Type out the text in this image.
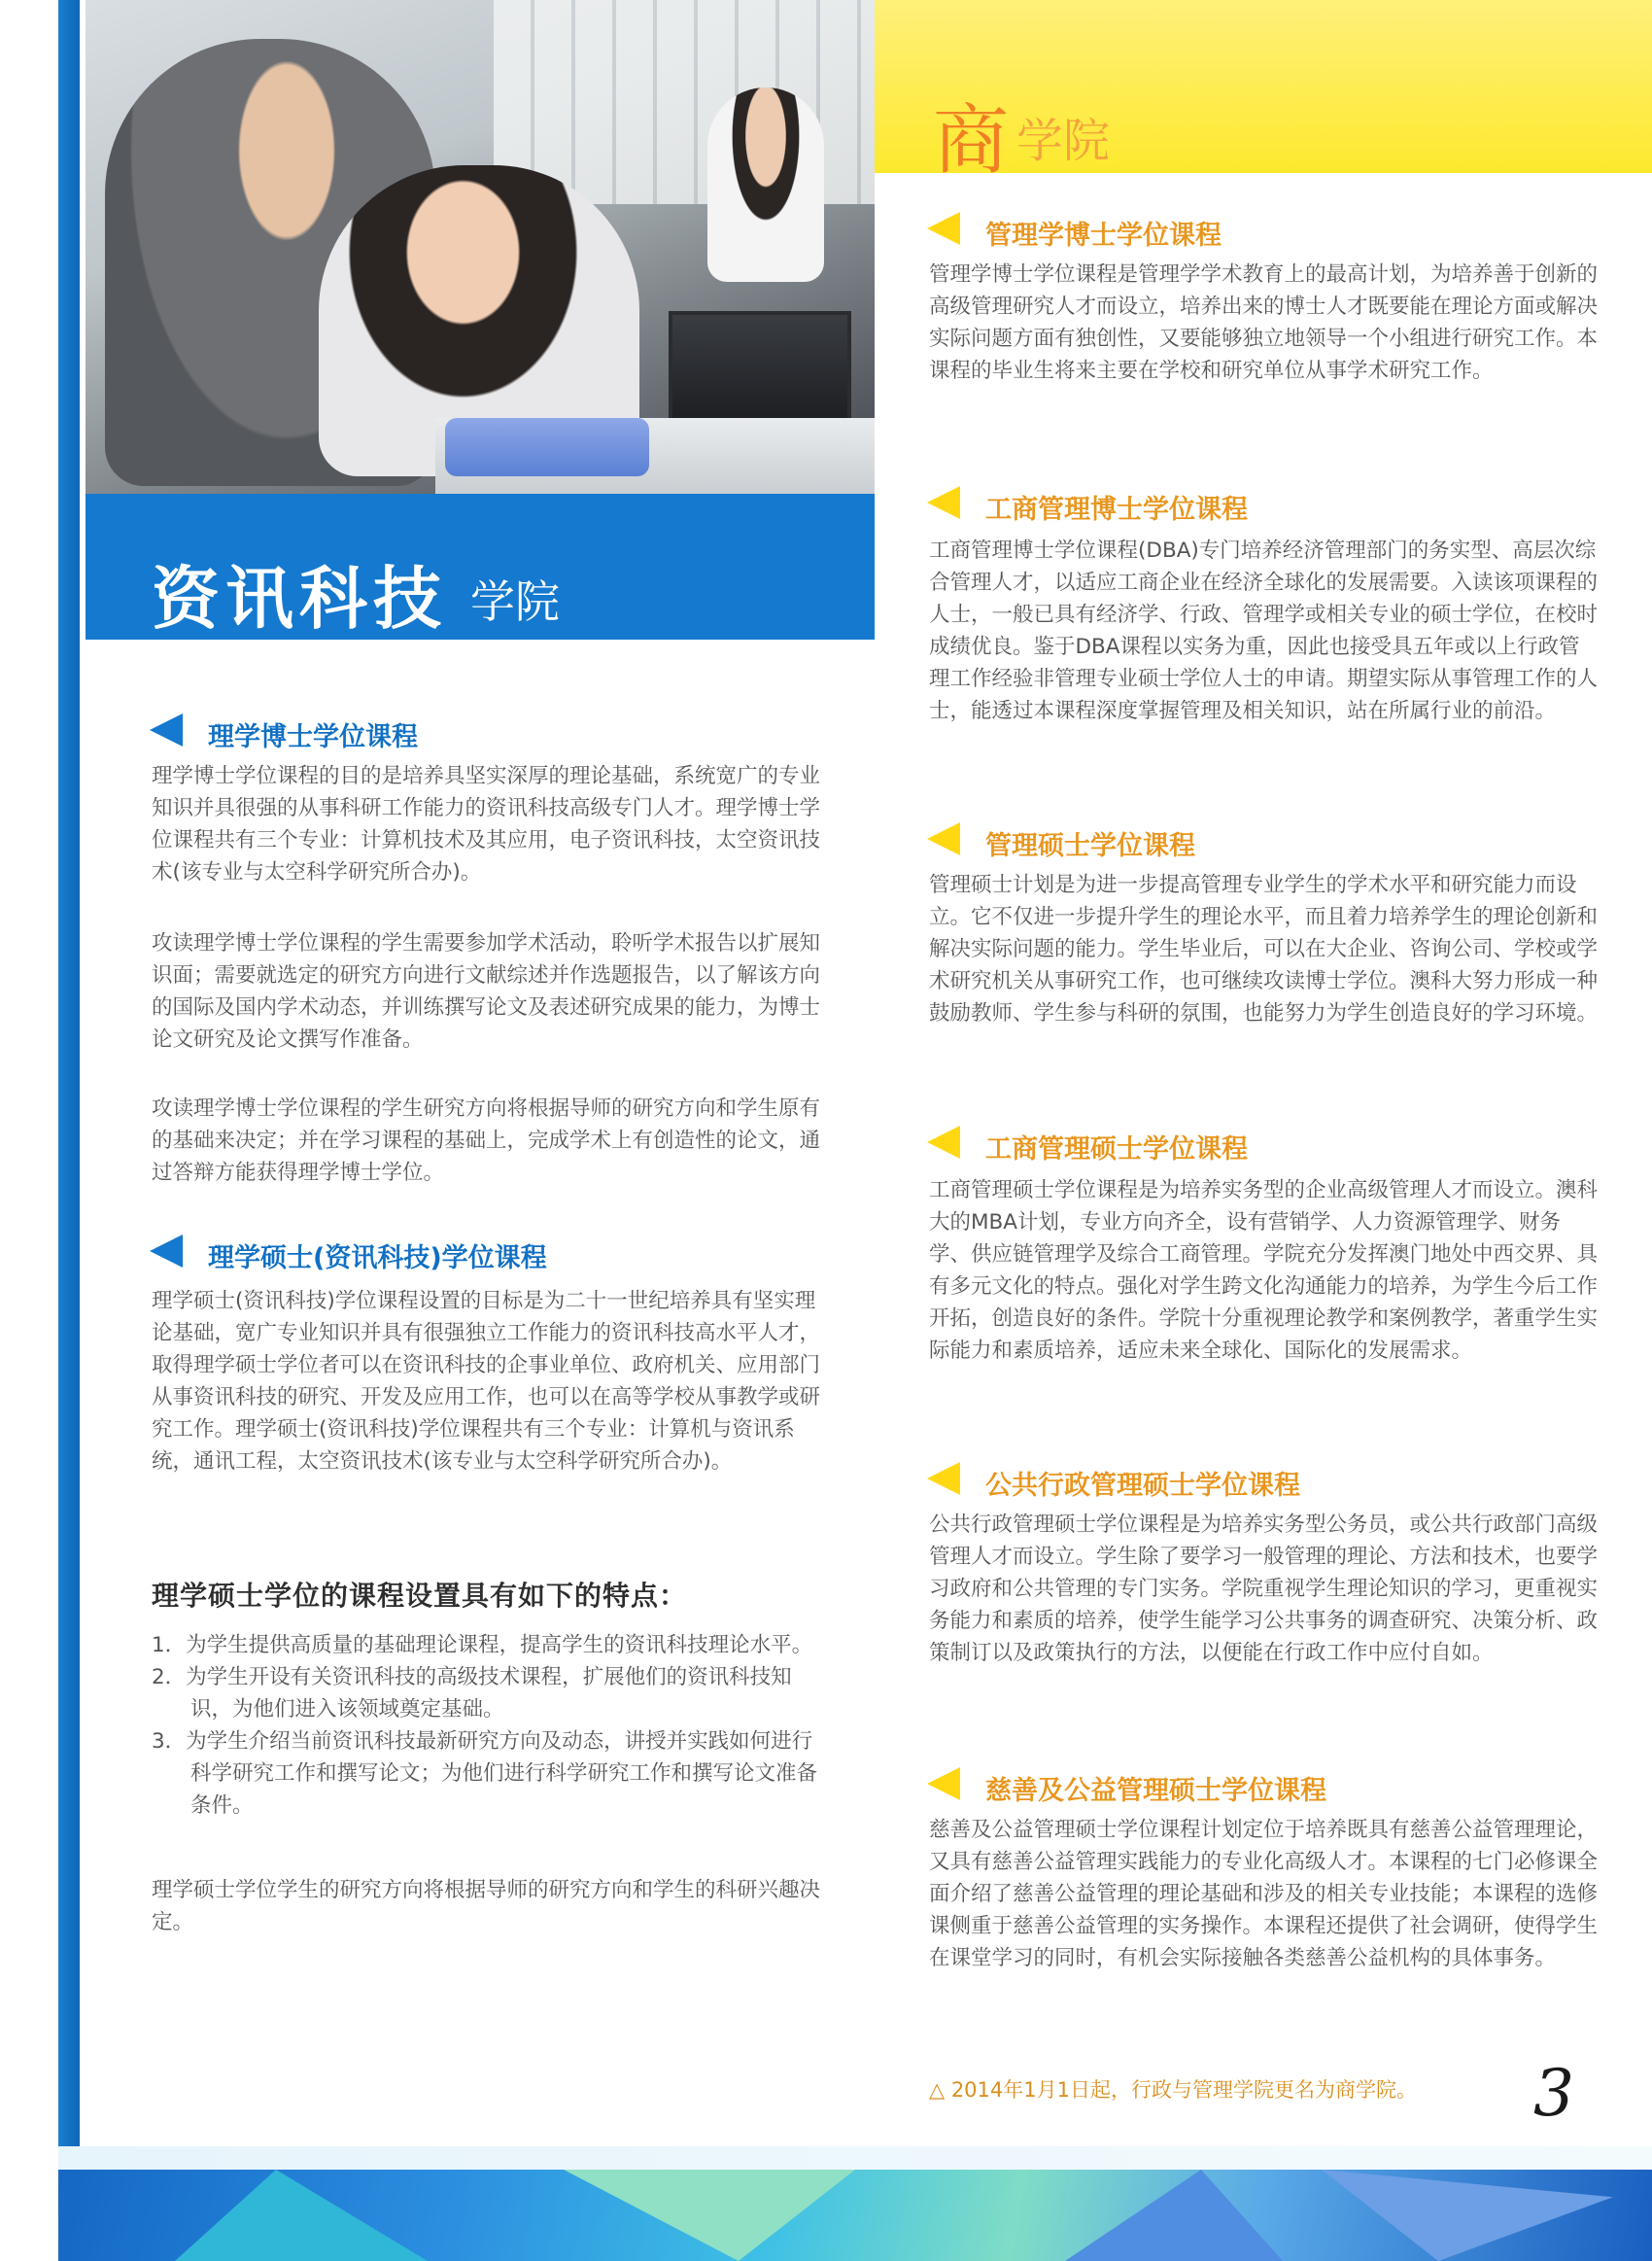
资讯科技 学院
商 学院
理学博士学位课程

理学博士学位课程的目的是培养具坚实深厚的理论基础，系统宽广的专业知识并具很强的从事科研工作能力的资讯科技高级专门人才。理学博士学位课程共有三个专业：计算机技术及其应用，电子资讯科技，太空资讯技术(该专业与太空科学研究所合办)。

攻读理学博士学位课程的学生需要参加学术活动，聆听学术报告以扩展知识面；需要就选定的研究方向进行文献综述并作选题报告，以了解该方向的国际及国内学术动态，并训练撰写论文及表述研究成果的能力，为博士论文研究及论文撰写作准备。

攻读理学博士学位课程的学生研究方向将根据导师的研究方向和学生原有的基础来决定；并在学习课程的基础上，完成学术上有创造性的论文，通过答辩方能获得理学博士学位。

理学硕士(资讯科技)学位课程

理学硕士(资讯科技)学位课程设置的目标是为二十一世纪培养具有坚实理论基础，宽广专业知识并具有很强独立工作能力的资讯科技高水平人才，取得理学硕士学位者可以在资讯科技的企事业单位、政府机关、应用部门从事资讯科技的研究、开发及应用工作，也可以在高等学校从事教学或研究工作。理学硕士(资讯科技)学位课程共有三个专业：计算机与资讯系统，通讯工程，太空资讯技术(该专业与太空科学研究所合办)。

理学硕士学位的课程设置具有如下的特点：
1．为学生提供高质量的基础理论课程，提高学生的资讯科技理论水平。
2．为学生开设有关资讯科技的高级技术课程，扩展他们的资讯科技知识，为他们进入该领域奠定基础。
3．为学生介绍当前资讯科技最新研究方向及动态，讲授并实践如何进行科学研究工作和撰写论文；为他们进行科学研究工作和撰写论文准备条件。

理学硕士学位学生的研究方向将根据导师的研究方向和学生的科研兴趣决定。

管理学博士学位课程

管理学博士学位课程是管理学学术教育上的最高计划，为培养善于创新的高级管理研究人才而设立，培养出来的博士人才既要能在理论方面或解决实际问题方面有独创性，又要能够独立地领导一个小组进行研究工作。本课程的毕业生将来主要在学校和研究单位从事学术研究工作。

工商管理博士学位课程

工商管理博士学位课程(DBA)专门培养经济管理部门的务实型、高层次综合管理人才，以适应工商企业在经济全球化的发展需要。入读该项课程的人士，一般已具有经济学、行政、管理学或相关专业的硕士学位，在校时成绩优良。鉴于DBA课程以实务为重，因此也接受具五年或以上行政管理工作经验非管理专业硕士学位人士的申请。期望实际从事管理工作的人士，能透过本课程深度掌握管理及相关知识，站在所属行业的前沿。

管理硕士学位课程

管理硕士计划是为进一步提高管理专业学生的学术水平和研究能力而设立。它不仅进一步提升学生的理论水平，而且着力培养学生的理论创新和解决实际问题的能力。学生毕业后，可以在大企业、咨询公司、学校或学术研究机关从事研究工作，也可继续攻读博士学位。澳科大努力形成一种鼓励教师、学生参与科研的氛围，也能努力为学生创造良好的学习环境。

工商管理硕士学位课程

工商管理硕士学位课程是为培养实务型的企业高级管理人才而设立。澳科大的MBA计划，专业方向齐全，设有营销学、人力资源管理学、财务学、供应链管理学及综合工商管理。学院充分发挥澳门地处中西交界、具有多元文化的特点。强化对学生跨文化沟通能力的培养，为学生今后工作开拓，创造良好的条件。学院十分重视理论教学和案例教学，著重学生实际能力和素质培养，适应未来全球化、国际化的发展需求。

公共行政管理硕士学位课程

公共行政管理硕士学位课程是为培养实务型公务员，或公共行政部门高级管理人才而设立。学生除了要学习一般管理的理论、方法和技术，也要学习政府和公共管理的专门实务。学院重视学生理论知识的学习，更重视实务能力和素质的培养，使学生能学习公共事务的调查研究、决策分析、政策制订以及政策执行的方法，以便能在行政工作中应付自如。

慈善及公益管理硕士学位课程

慈善及公益管理硕士学位课程计划定位于培养既具有慈善公益管理理论，又具有慈善公益管理实践能力的专业化高级人才。本课程的七门必修课全面介绍了慈善公益管理的理论基础和涉及的相关专业技能；本课程的选修课侧重于慈善公益管理的实务操作。本课程还提供了社会调研，使得学生在课堂学习的同时，有机会实际接触各类慈善公益机构的具体事务。

△ 2014年1月1日起，行政与管理学院更名为商学院。 3
